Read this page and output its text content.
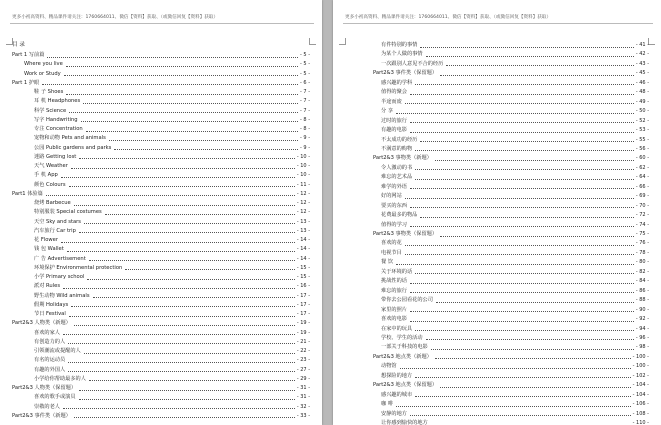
更多小初高资料、精品课件请关注：1760664011、微信【资料】获取、（或微信回复【资料】获取）
目 录
Part 1 写前篇	- 5 -
Where you live	- 5 -
Work or Study	- 5 -
Part 1 护眼	- 6 -
鞋 子 Shoes	- 7 -
耳 机 Headphones	- 7 -
科学 Science	- 7 -
写字 Handwriting	- 8 -
专注 Concentration	- 8 -
宠物和动物 Pets and animals	- 9 -
公园 Public gardens and parks	- 9 -
迷路 Getting lost	- 10 -
天气 Weather	- 10 -
手 机 App	- 10 -
颜色 Colours	- 11 -
Part1 体验篇	- 12 -
烧烤 Barbecue	- 12 -
特别服装 Special costumes	- 12 -
天空 Sky and stars	- 13 -
汽车旅行 Car trip	- 13 -
花 Flower	- 14 -
钱 包 Wallet	- 14 -
广 告 Advertisement	- 14 -
环境保护 Environmental protection	- 15 -
小学 Primary school	- 15 -
派对 Rules	- 16 -
野生动物 Wild animals	- 17 -
假期 Holidays	- 17 -
节日 Festival	- 17 -
Part2&3 人物类（新题）	- 19 -
喜欢的家人	- 19 -
有创造力的人	- 21 -
引领潮流或提醒的人	- 22 -
有名的运动员	- 23 -
有趣的外国人	- 27 -
小学给你帮助最多的人	- 29 -
Part2&3 人物类（保留题）	- 31 -
喜欢的歌手或演员	- 31 -
崇敬的老人	- 32 -
Part2&3 事件类（新题）	- 33 -
更多小初高资料、精品课件请关注：1760664011、微信【资料】获取、（或微信回复【资料】获取）
有件特别的事情	- 41 -
为某个人做的事情	- 42 -
一次跟别人意见不合的经历	- 43 -
Part2&3 事件类（保留题）	- 45 -
感兴趣的学科	- 46 -
值得的聚会	- 48 -
半途而废	- 49 -
分 享	- 50 -
过时的旅行	- 52 -
有趣的电影	- 53 -
不太成功的经历	- 55 -
不满意的购物	- 56 -
Part2&3 事物类（新题）	- 60 -
令人激动的书	- 62 -
难忘的艺术品	- 64 -
难学的外语	- 66 -
好的网站	- 69 -
要买的东西	- 70 -
花费最多的物品	- 72 -
值得的学习	- 74 -
Part2&3 事物类（保留题）	- 75 -
喜欢的花	- 76 -
电视节目	- 78 -
餐 饮	- 80 -
关于环境的话	- 82 -
挑战性的话	- 84 -
难忘的旅行	- 86 -
带你去公园看花的公司	- 88 -
家里的照片	- 90 -
喜欢的电影	- 92 -
在家中的玩具	- 94 -
学校、学生的活动	- 96 -
一部关于科技的电影	- 98 -
Part2&3 地点类（新题）	- 100 -
动物馆	- 100 -
想探险的地方	- 102 -
Part2&3 地点类（保留题）	- 104 -
感兴趣的城市	- 104 -
咖 啡	- 106 -
安静的地方	- 108 -
让你感到愉快的地方	- 110 -
